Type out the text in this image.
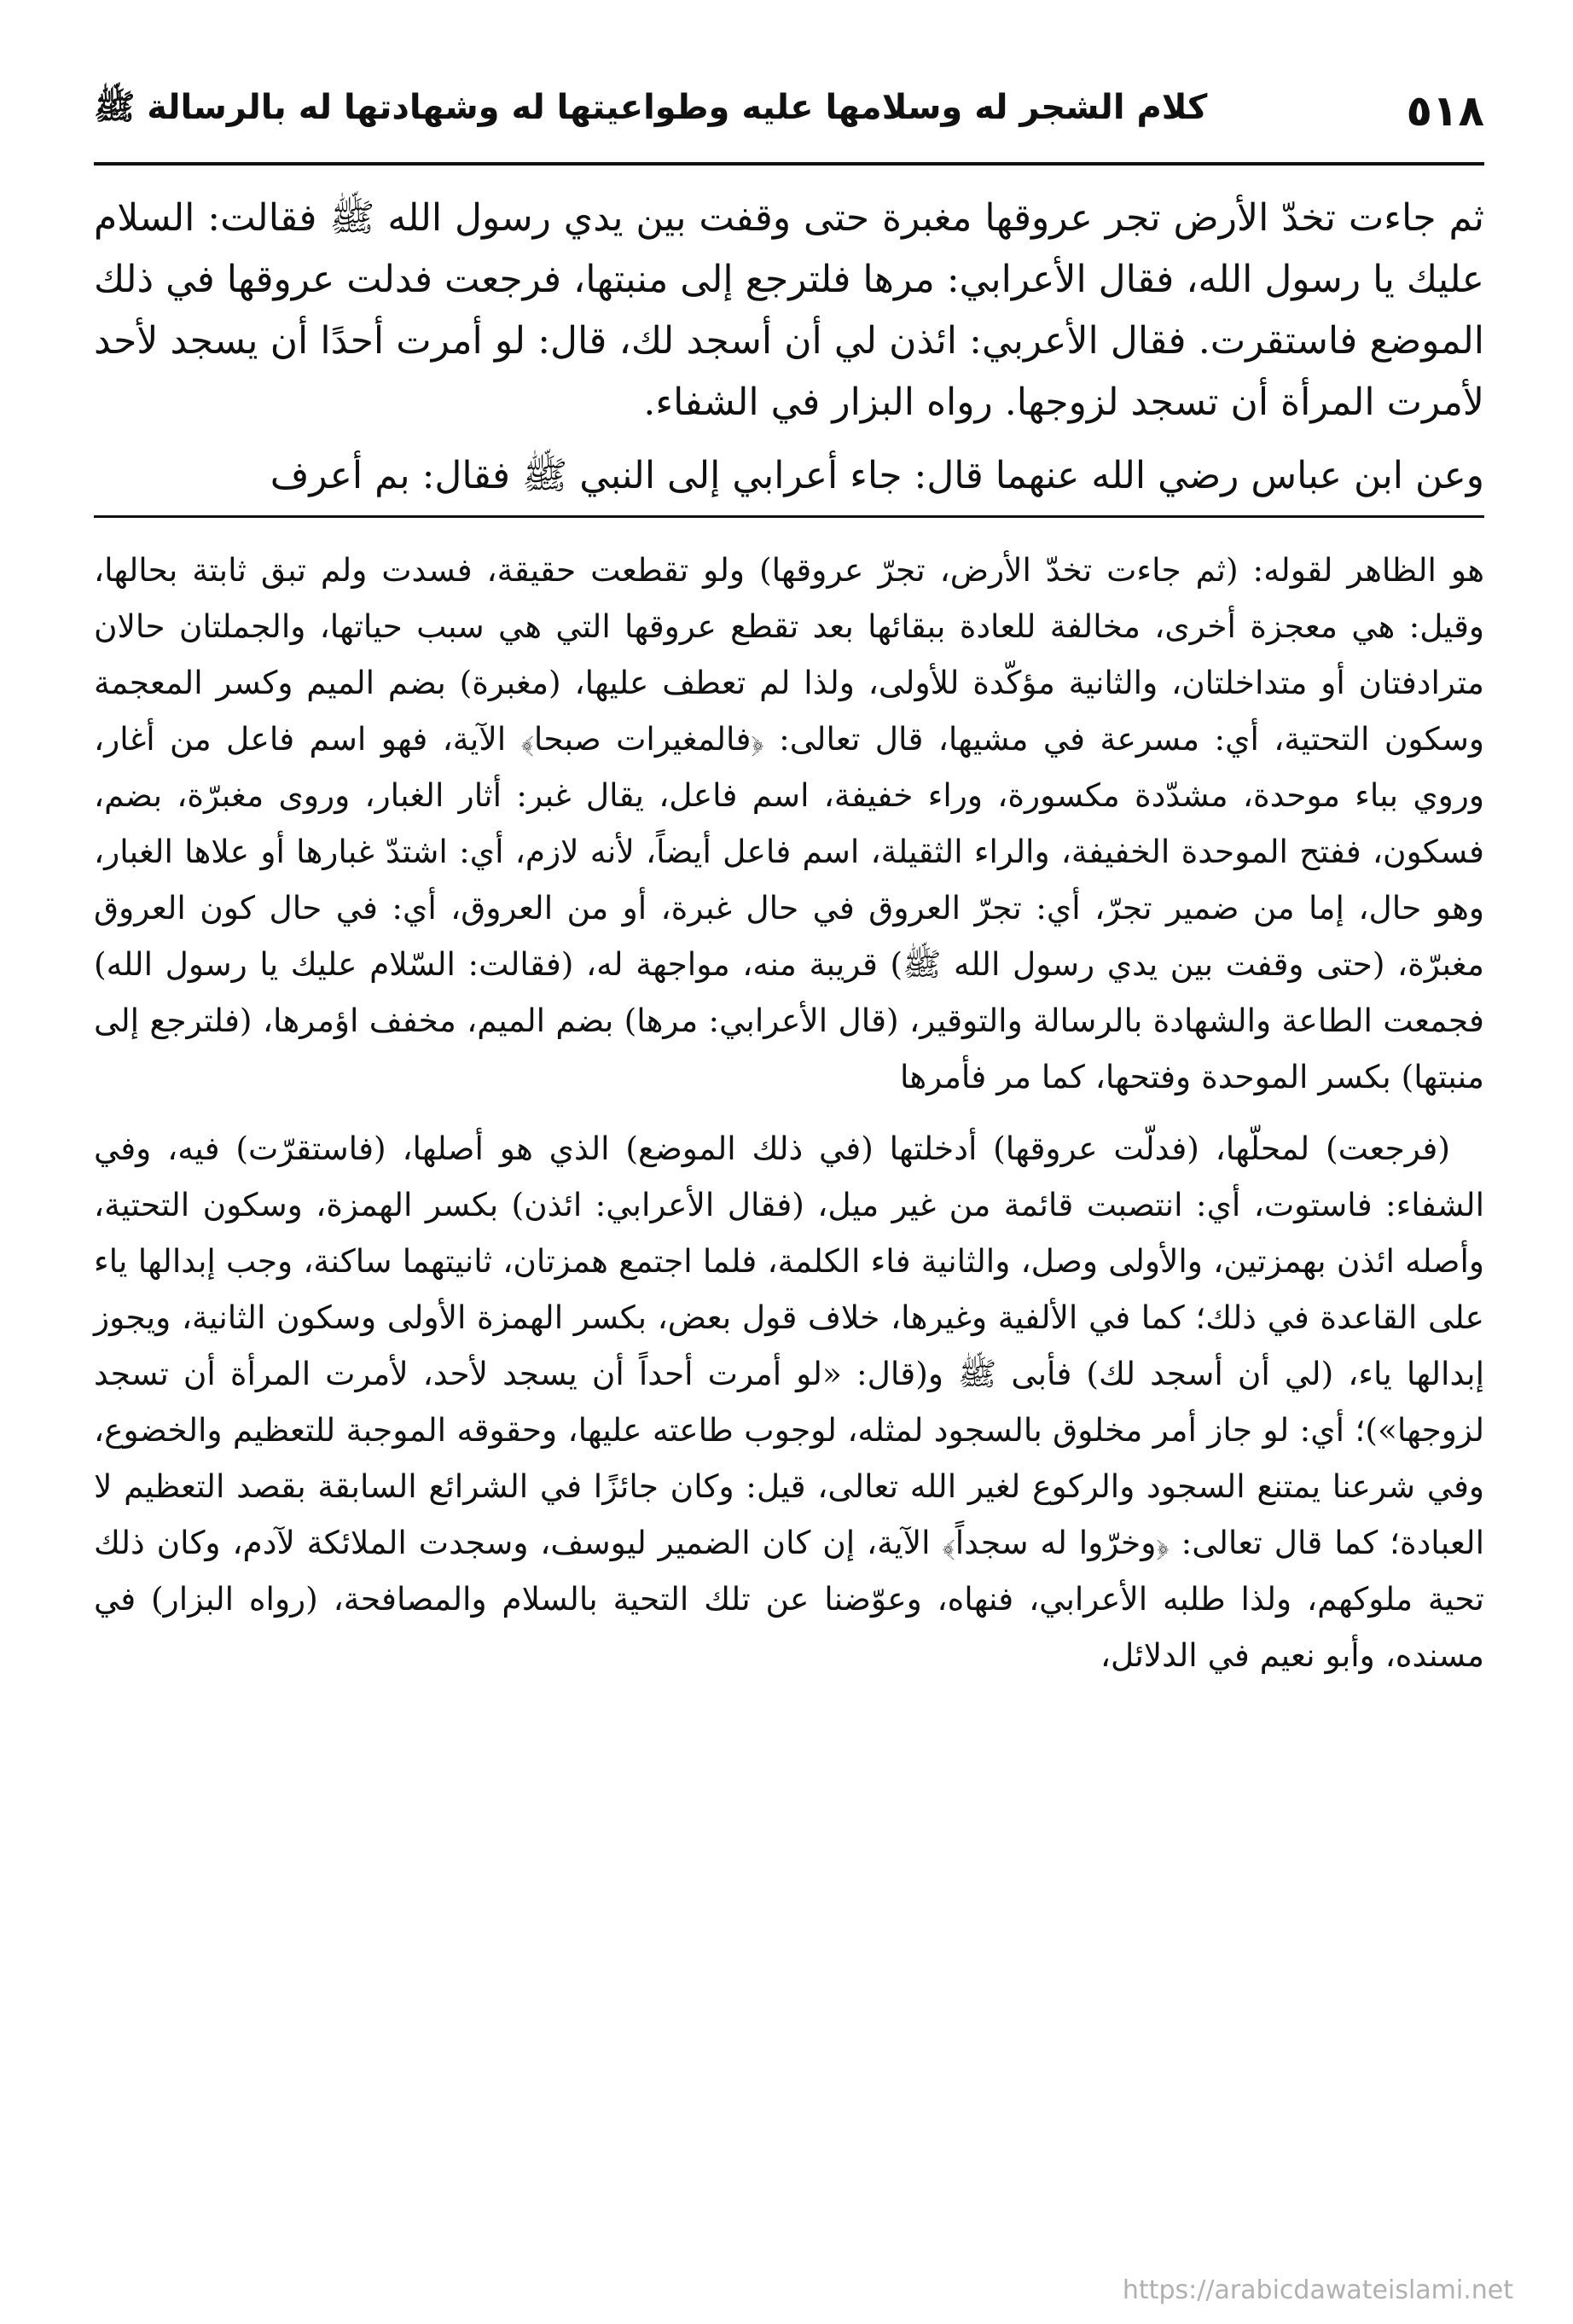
٥١٨
كلام الشجر له وسلامها عليه وطواعيتها له وشهادتها له بالرسالة ﷺ

ثم جاءت تخدّ الأرض تجر عروقها مغبرة حتى وقفت بين يدي رسول الله ﷺ فقالت: السلام عليك يا رسول الله، فقال الأعرابي: مرها فلترجع إلى منبتها، فرجعت فدلت عروقها في ذلك الموضع فاستقرت. فقال الأعربي: ائذن لي أن أسجد لك، قال: لو أمرت أحدًا أن يسجد لأحد لأمرت المرأة أن تسجد لزوجها. رواه البزار في الشفاء.

وعن ابن عباس رضي الله عنهما قال: جاء أعرابي إلى النبي ﷺ فقال: بم أعرف

هو الظاهر لقوله: (ثم جاءت تخدّ الأرض، تجرّ عروقها) ولو تقطعت حقيقة، فسدت ولم تبق ثابتة بحالها، وقيل: هي معجزة أخرى، مخالفة للعادة ببقائها بعد تقطع عروقها التي هي سبب حياتها، والجملتان حالان مترادفتان أو متداخلتان، والثانية مؤكّدة للأولى، ولذا لم تعطف عليها، (مغبرة) بضم الميم وكسر المعجمة وسكون التحتية، أي: مسرعة في مشيها، قال تعالى: ﴿فالمغيرات صبحا﴾ الآية، فهو اسم فاعل من أغار، وروي بباء موحدة، مشدّدة مكسورة، وراء خفيفة، اسم فاعل، يقال غبر: أثار الغبار، وروى مغبرّة، بضم، فسكون، ففتح الموحدة الخفيفة، والراء الثقيلة، اسم فاعل أيضاً، لأنه لازم، أي: اشتدّ غبارها أو علاها الغبار، وهو حال، إما من ضمير تجرّ، أي: تجرّ العروق في حال غبرة، أو من العروق، أي: في حال كون العروق مغبرّة، (حتى وقفت بين يدي رسول الله ﷺ) قريبة منه، مواجهة له، (فقالت: السّلام عليك يا رسول الله) فجمعت الطاعة والشهادة بالرسالة والتوقير، (قال الأعرابي: مرها) بضم الميم، مخفف اؤمرها، (فلترجع إلى منبتها) بكسر الموحدة وفتحها، كما مر فأمرها

(فرجعت) لمحلّها، (فدلّت عروقها) أدخلتها (في ذلك الموضع) الذي هو أصلها، (فاستقرّت) فيه، وفي الشفاء: فاستوت، أي: انتصبت قائمة من غير ميل، (فقال الأعرابي: ائذن) بكسر الهمزة، وسكون التحتية، وأصله ائذن بهمزتين، والأولى وصل، والثانية فاء الكلمة، فلما اجتمع همزتان، ثانيتهما ساكنة، وجب إبدالها ياء على القاعدة في ذلك؛ كما في الألفية وغيرها، خلاف قول بعض، بكسر الهمزة الأولى وسكون الثانية، ويجوز إبدالها ياء، (لي أن أسجد لك) فأبى ﷺ و(قال: «لو أمرت أحداً أن يسجد لأحد، لأمرت المرأة أن تسجد لزوجها»)؛ أي: لو جاز أمر مخلوق بالسجود لمثله، لوجوب طاعته عليها، وحقوقه الموجبة للتعظيم والخضوع، وفي شرعنا يمتنع السجود والركوع لغير الله تعالى، قيل: وكان جائزًا في الشرائع السابقة بقصد التعظيم لا العبادة؛ كما قال تعالى: ﴿وخرّوا له سجداً﴾ الآية، إن كان الضمير ليوسف، وسجدت الملائكة لآدم، وكان ذلك تحية ملوكهم، ولذا طلبه الأعرابي، فنهاه، وعوّضنا عن تلك التحية بالسلام والمصافحة، (رواه البزار) في مسنده، وأبو نعيم في الدلائل،

https://arabicdawateislami.net
